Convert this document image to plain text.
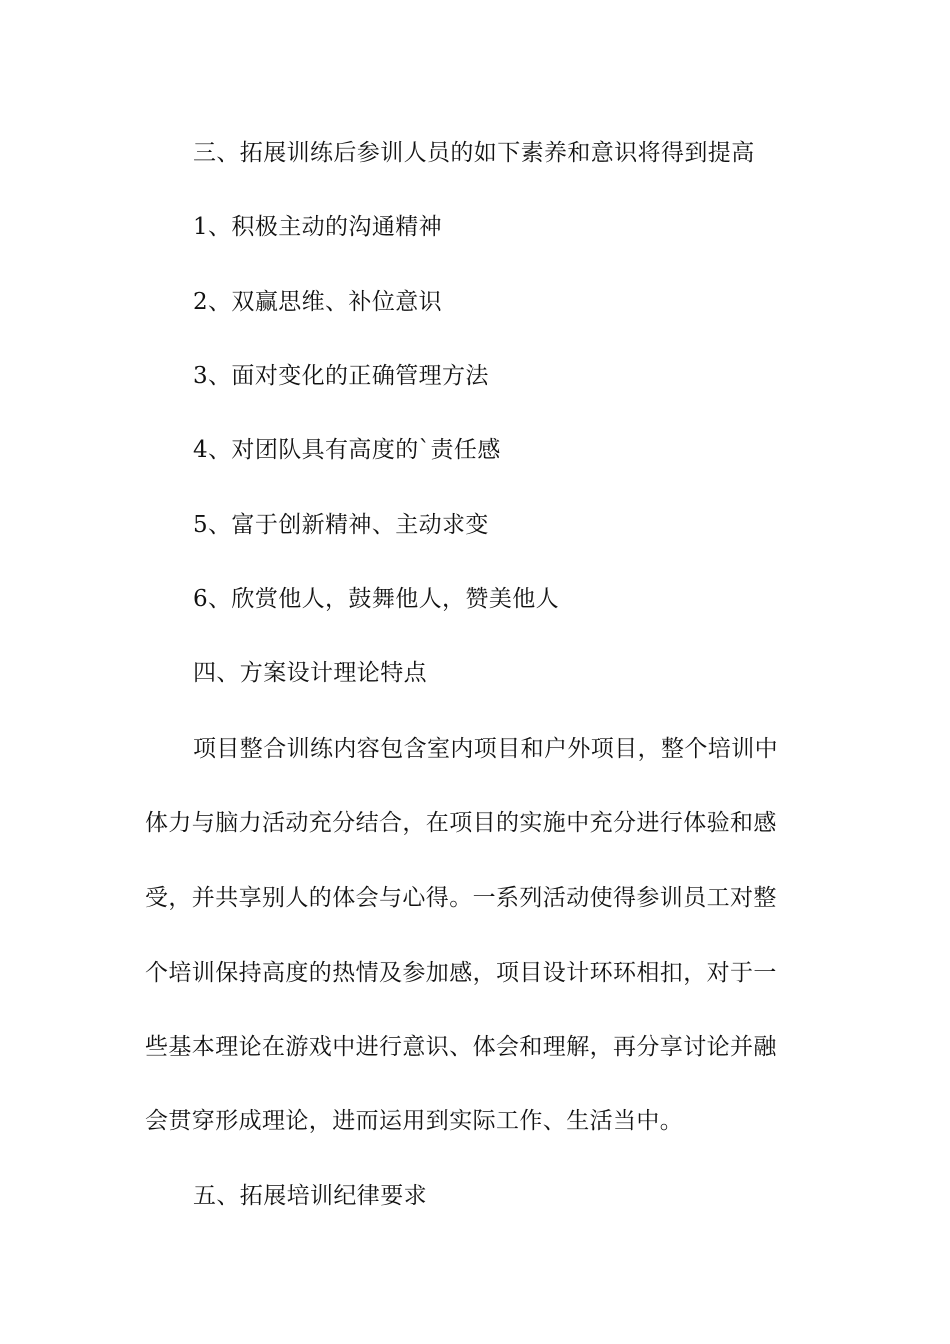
三、拓展训练后参训人员的如下素养和意识将得到提高
1、积极主动的沟通精神
2、双赢思维、补位意识
3、面对变化的正确管理方法
4、对团队具有高度的`责任感
5、富于创新精神、主动求变
6、欣赏他人，鼓舞他人，赞美他人
四、方案设计理论特点
项目整合训练内容包含室内项目和户外项目，整个培训中
体力与脑力活动充分结合，在项目的实施中充分进行体验和感
受，并共享别人的体会与心得。一系列活动使得参训员工对整
个培训保持高度的热情及参加感，项目设计环环相扣，对于一
些基本理论在游戏中进行意识、体会和理解，再分享讨论并融
会贯穿形成理论，进而运用到实际工作、生活当中。
五、拓展培训纪律要求
